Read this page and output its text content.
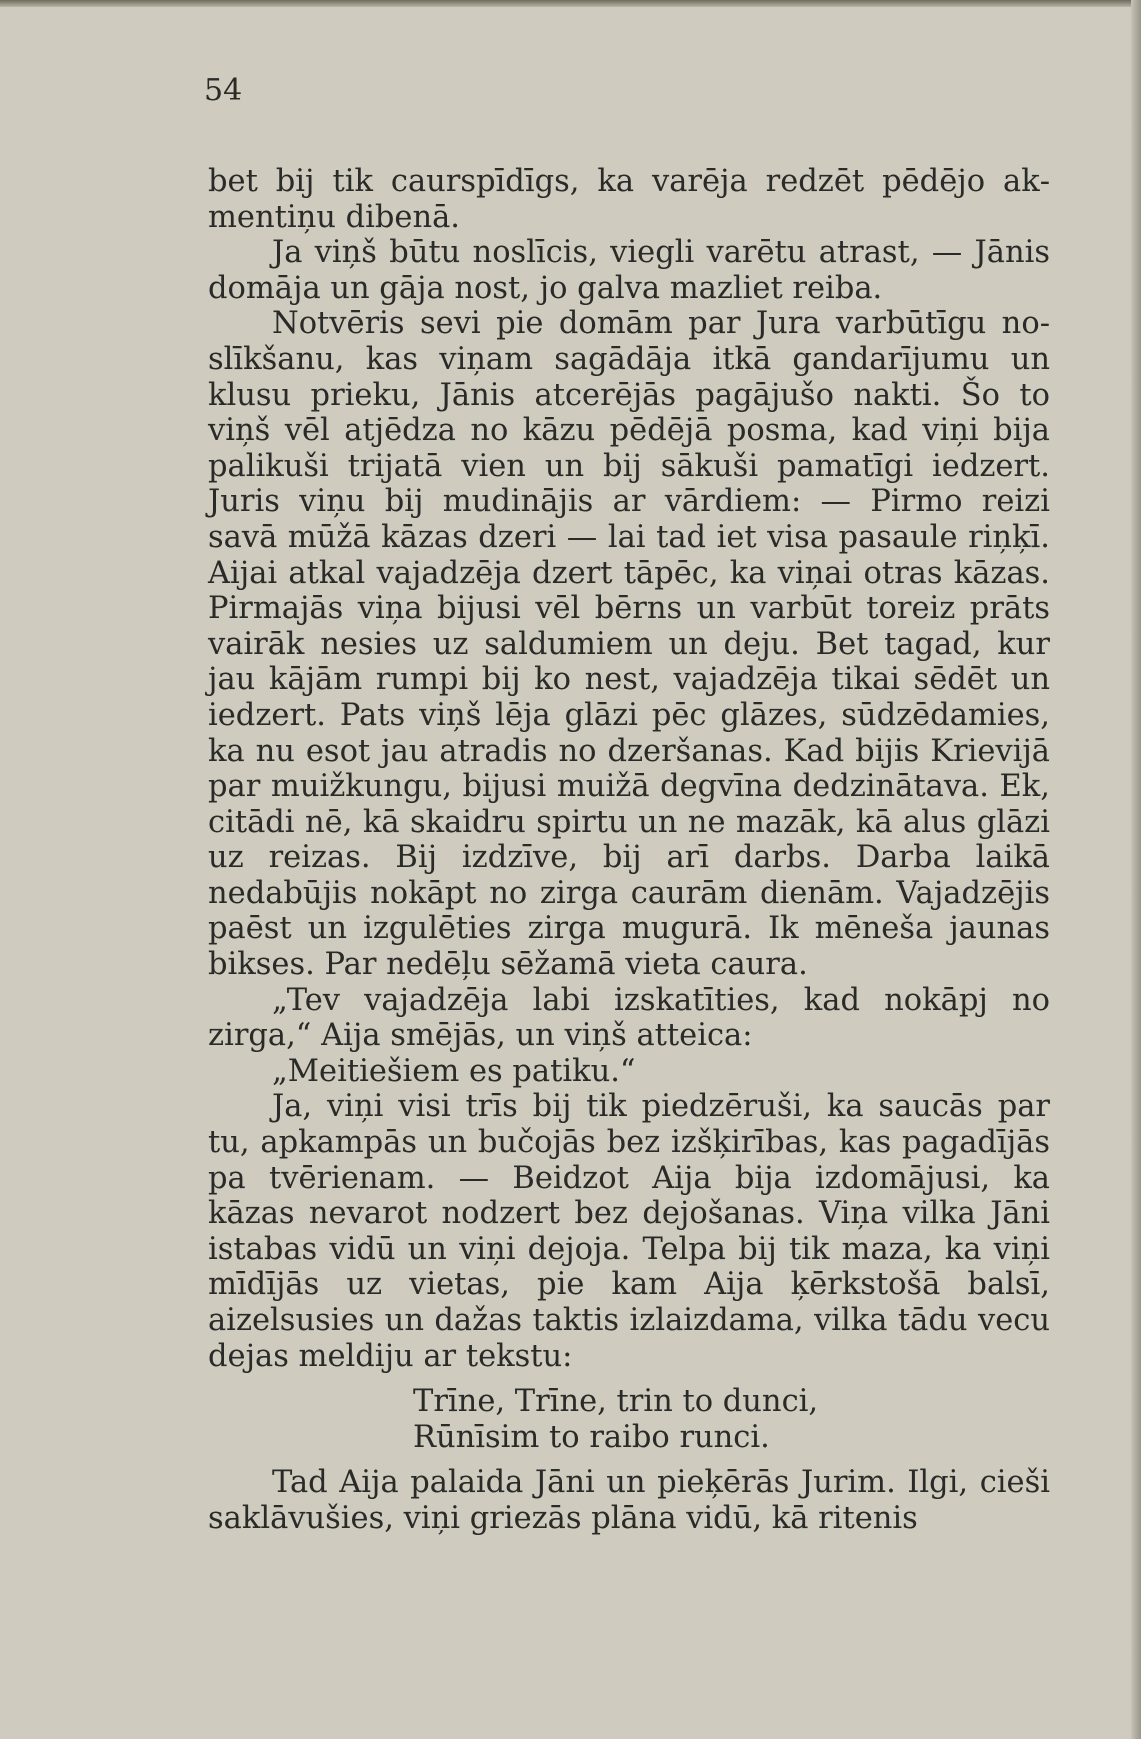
54

bet bij tik caurspīdīgs, ka varēja redzēt pēdējo akmentiņu dibenā.

Ja viņš būtu noslīcis, viegli varētu atrast, — Jānis domāja un gāja nost, jo galva mazliet reiba.

Notvēris sevi pie domām par Jura varbūtīgu noslīkšanu, kas viņam sagādāja itkā gandarījumu un klusu prieku, Jānis atcerējās pagājušo nakti. Šo to viņš vēl atjēdza no kāzu pēdējā posma, kad viņi bija palikuši trijatā vien un bij sākuši pamatīgi iedzert. Juris viņu bij mudinājis ar vārdiem: — Pirmo reizi savā mūžā kāzas dzeri — lai tad iet visa pasaule riņķī. Aijai atkal vajadzēja dzert tāpēc, ka viņai otras kāzas. Pirmajās viņa bijusi vēl bērns un varbūt toreiz prāts vairāk nesies uz saldumiem un deju. Bet tagad, kur jau kājām rumpi bij ko nest, vajadzēja tikai sēdēt un iedzert. Pats viņš lēja glāzi pēc glāzes, sūdzēdamies, ka nu esot jau atradis no dzeršanas. Kad bijis Krievijā par muižkungu, bijusi muižā degvīna dedzinātava. Ek, citādi nē, kā skaidru spirtu un ne mazāk, kā alus glāzi uz reizas. Bij izdzīve, bij arī darbs. Darba laikā nedabūjis nokāpt no zirga caurām dienām. Vajadzējis paēst un izgulēties zirga mugurā. Ik mēneša jaunas bikses. Par nedēļu sēžamā vieta caura.

„Tev vajadzēja labi izskatīties, kad nokāpj no zirga,“ Aija smējās, un viņš atteica:

„Meitiešiem es patiku.“

Ja, viņi visi trīs bij tik piedzēruši, ka saucās par tu, apkampās un bučojās bez izšķirības, kas pagadījās pa tvērienam. — Beidzot Aija bija izdomājusi, ka kāzas nevarot nodzert bez dejošanas. Viņa vilka Jāni istabas vidū un viņi dejoja. Telpa bij tik maza, ka viņi mīdījās uz vietas, pie kam Aija ķērkstošā balsī, aizelsusies un dažas taktis izlaizdama, vilka tādu vecu dejas meldiju ar tekstu:

Trīne, Trīne, trin to dunci,
Rūnīsim to raibo runci.

Tad Aija palaida Jāni un pieķērās Jurim. Ilgi, cieši saklāvušies, viņi griezās plāna vidū, kā ritenis
